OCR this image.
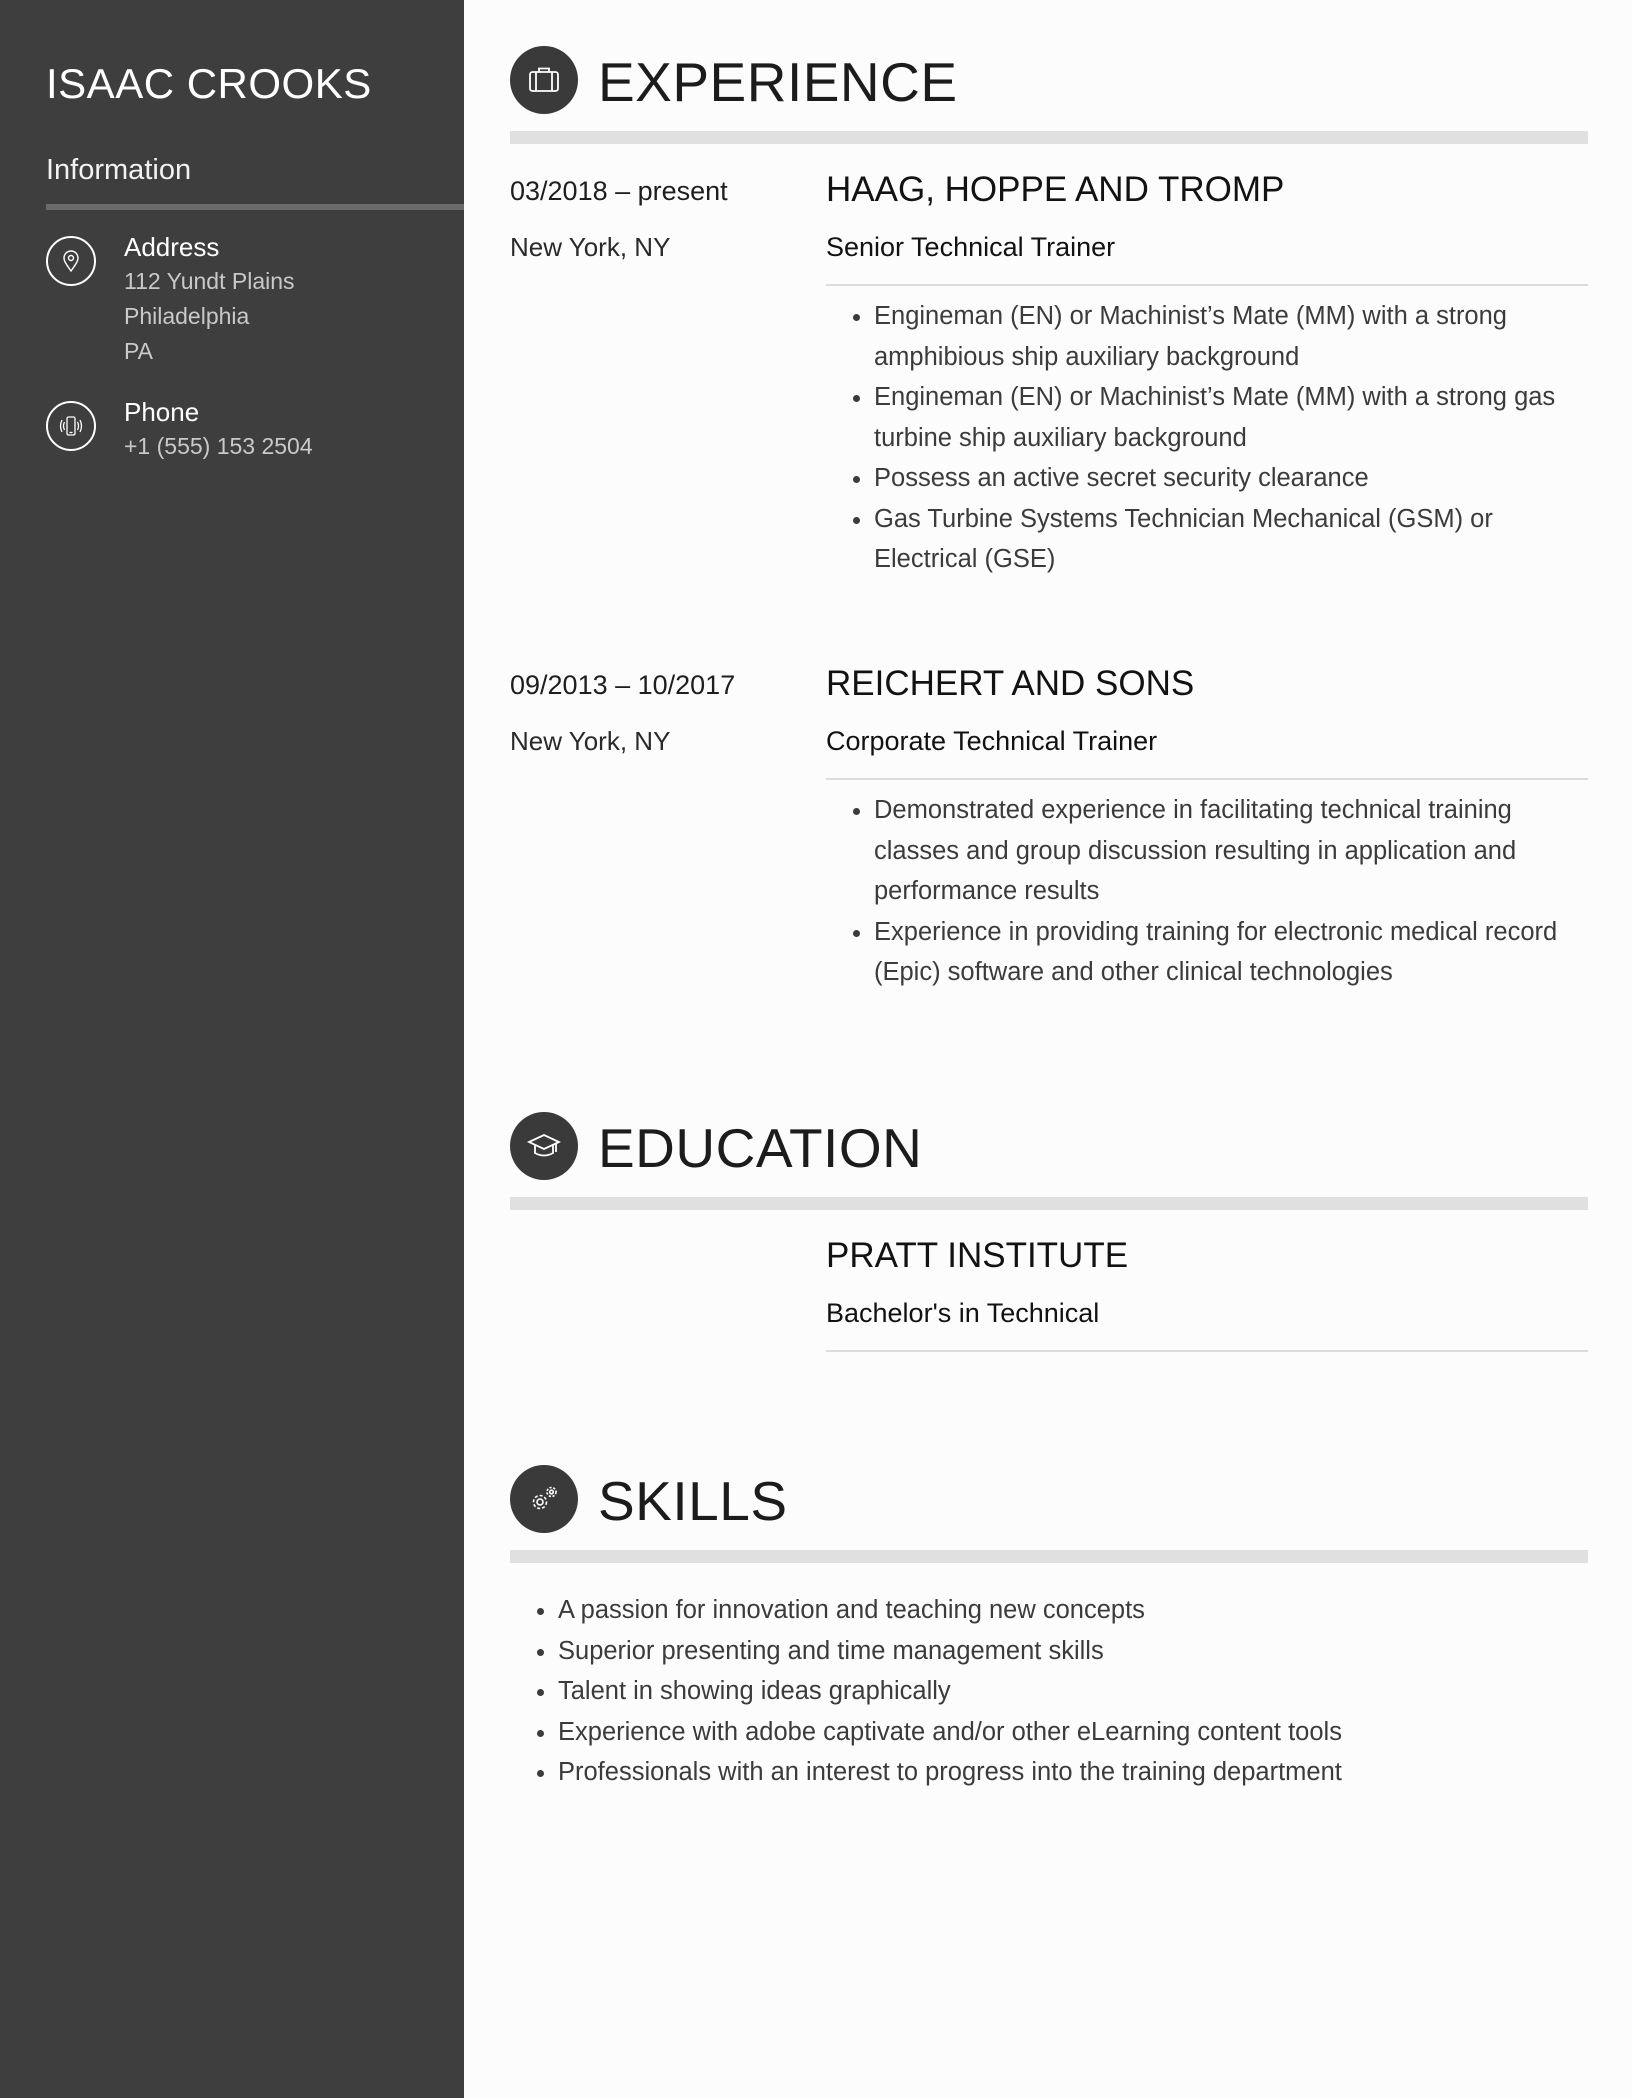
ISAAC CROOKS
Information
Address
112 Yundt Plains
Philadelphia
PA
Phone
+1 (555) 153 2504
EXPERIENCE
03/2018 – present
New York, NY
HAAG, HOPPE AND TROMP
Senior Technical Trainer
• Engineman (EN) or Machinist’s Mate (MM) with a strong amphibious ship auxiliary background
• Engineman (EN) or Machinist’s Mate (MM) with a strong gas turbine ship auxiliary background
• Possess an active secret security clearance
• Gas Turbine Systems Technician Mechanical (GSM) or Electrical (GSE)
09/2013 – 10/2017
New York, NY
REICHERT AND SONS
Corporate Technical Trainer
• Demonstrated experience in facilitating technical training classes and group discussion resulting in application and performance results
• Experience in providing training for electronic medical record (Epic) software and other clinical technologies
EDUCATION
PRATT INSTITUTE
Bachelor's in Technical
SKILLS
• A passion for innovation and teaching new concepts
• Superior presenting and time management skills
• Talent in showing ideas graphically
• Experience with adobe captivate and/or other eLearning content tools
• Professionals with an interest to progress into the training department
